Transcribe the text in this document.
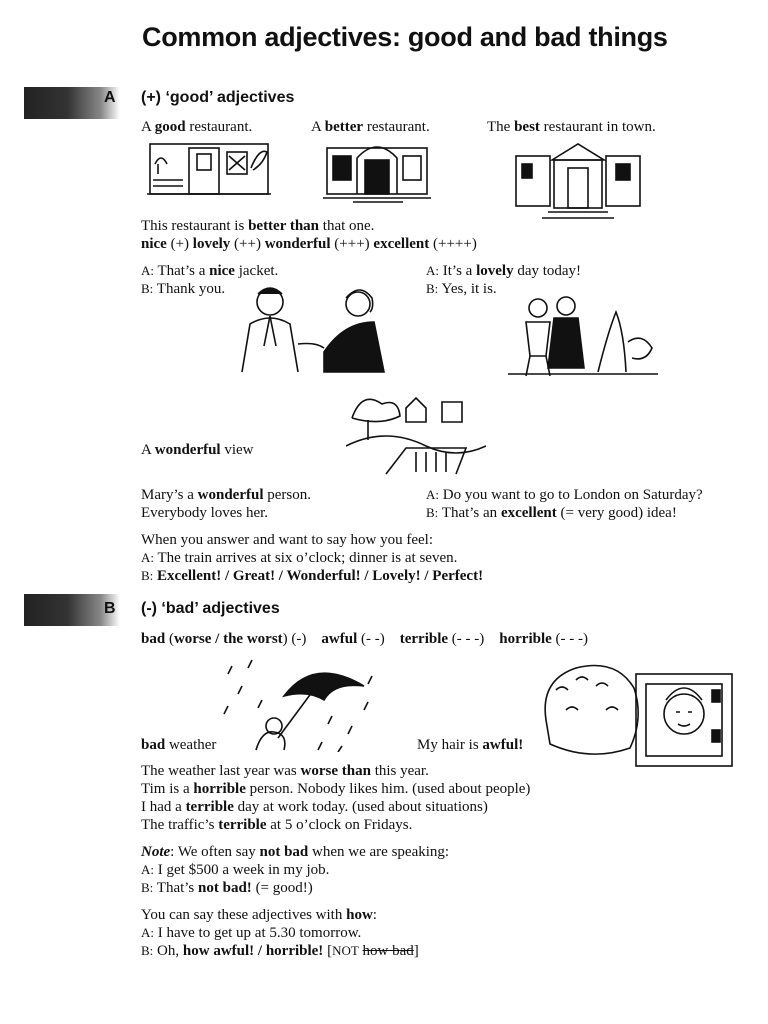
Common adjectives: good and bad things
A (+) ‘good’ adjectives
A good restaurant.	A better restaurant.	The best restaurant in town.
This restaurant is better than that one.
nice (+) lovely (++) wonderful (+++) excellent (++++)
A: That’s a nice jacket.
B: Thank you.
A: It’s a lovely day today!
B: Yes, it is.
A wonderful view
Mary’s a wonderful person.
Everybody loves her.
A: Do you want to go to London on Saturday?
B: That’s an excellent (= very good) idea!
When you answer and want to say how you feel:
A: The train arrives at six o’clock; dinner is at seven.
B: Excellent! / Great! / Wonderful! / Lovely! / Perfect!
B (-) ‘bad’ adjectives
bad (worse / the worst) (-)    awful (- -)    terrible (- - -)    horrible (- - -)
bad weather	My hair is awful!
The weather last year was worse than this year.
Tim is a horrible person. Nobody likes him. (used about people)
I had a terrible day at work today. (used about situations)
The traffic’s terrible at 5 o’clock on Fridays.
Note: We often say not bad when we are speaking:
A: I get $500 a week in my job.
B: That’s not bad! (= good!)
You can say these adjectives with how:
A: I have to get up at 5.30 tomorrow.
B: Oh, how awful! / horrible! [NOT how bad]
